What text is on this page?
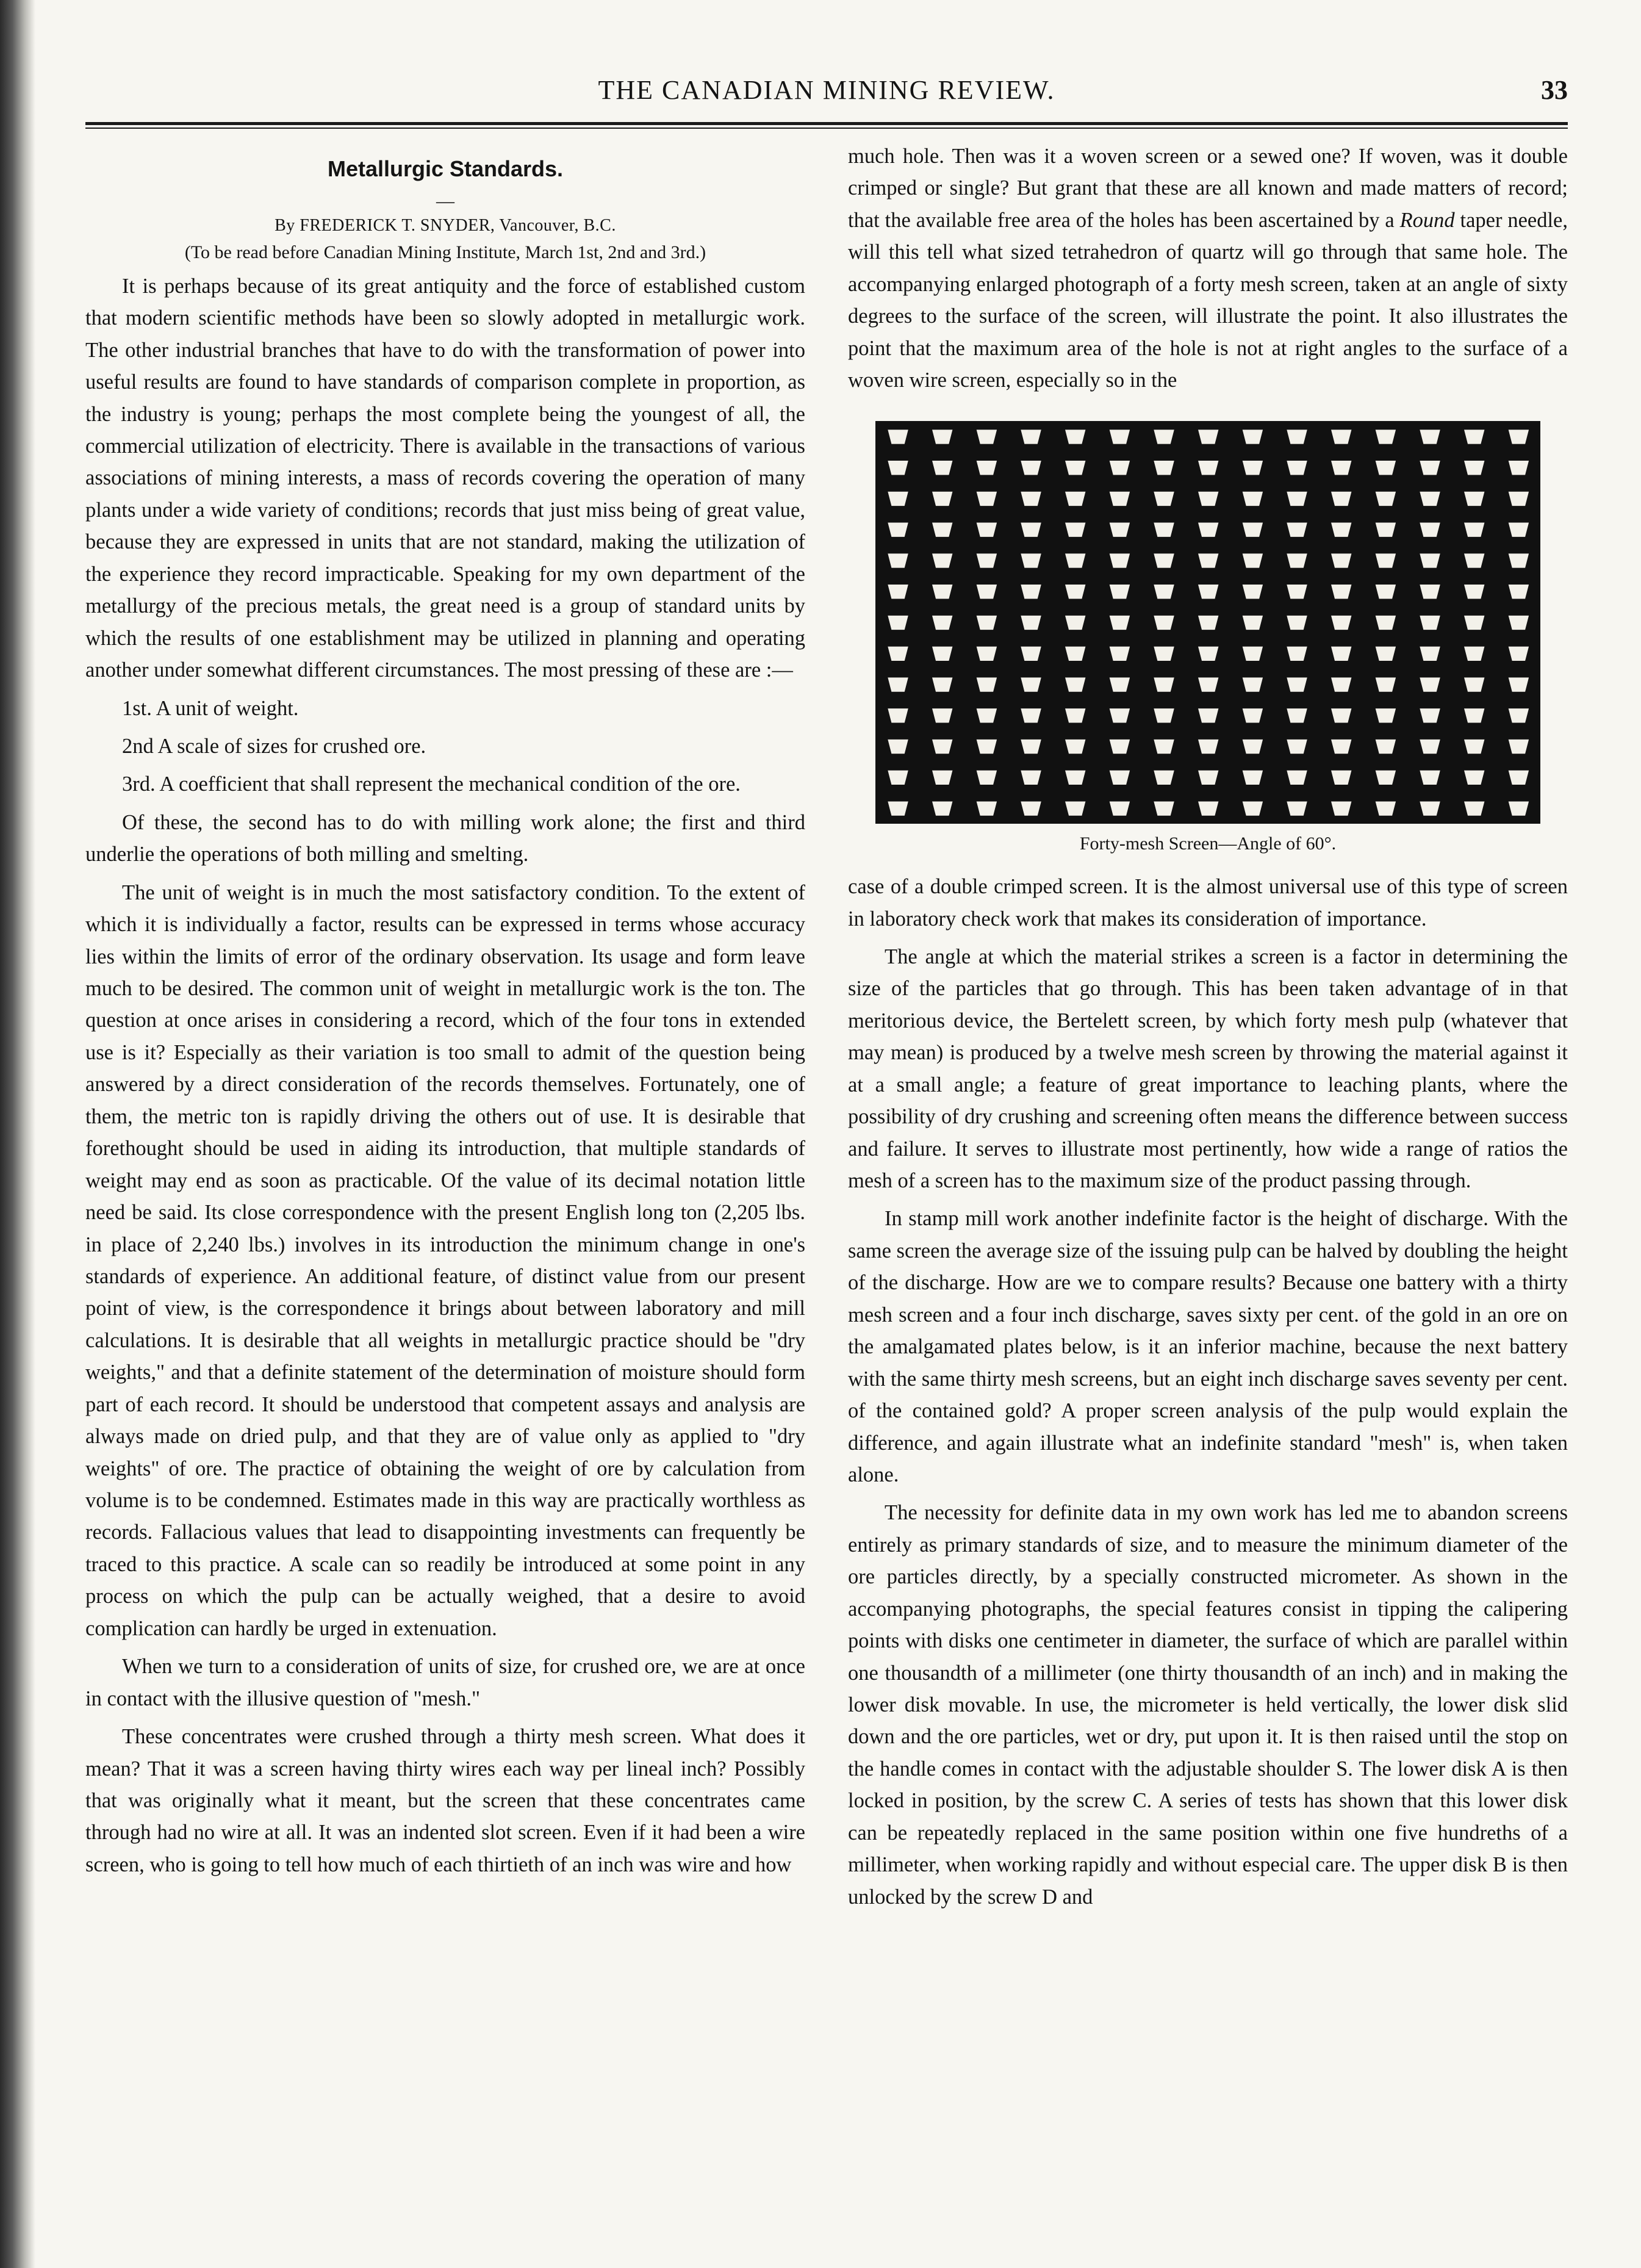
THE CANADIAN MINING REVIEW.	33
Metallurgic Standards.
—
By FREDERICK T. SNYDER, Vancouver, B.C.
(To be read before Canadian Mining Institute, March 1st, 2nd and 3rd.)

It is perhaps because of its great antiquity and the force of established custom that modern scientific methods have been so slowly adopted in metallurgic work. The other industrial branches that have to do with the transformation of power into useful results are found to have standards of comparison complete in proportion, as the industry is young; perhaps the most complete being the youngest of all, the commercial utilization of electricity. There is available in the transactions of various associations of mining interests, a mass of records covering the operation of many plants under a wide variety of conditions; records that just miss being of great value, because they are expressed in units that are not standard, making the utilization of the experience they record impracticable. Speaking for my own department of the metallurgy of the precious metals, the great need is a group of standard units by which the results of one establishment may be utilized in planning and operating another under somewhat different circumstances. The most pressing of these are :—

1st. A unit of weight.

2nd A scale of sizes for crushed ore.

3rd. A coefficient that shall represent the mechanical condition of the ore.

Of these, the second has to do with milling work alone; the first and third underlie the operations of both milling and smelting.

The unit of weight is in much the most satisfactory condition. To the extent of which it is individually a factor, results can be expressed in terms whose accuracy lies within the limits of error of the ordinary observation. Its usage and form leave much to be desired. The common unit of weight in metallurgic work is the ton. The question at once arises in considering a record, which of the four tons in extended use is it? Especially as their variation is too small to admit of the question being answered by a direct consideration of the records themselves. Fortunately, one of them, the metric ton is rapidly driving the others out of use. It is desirable that forethought should be used in aiding its introduction, that multiple standards of weight may end as soon as practicable. Of the value of its decimal notation little need be said. Its close correspondence with the present English long ton (2,205 lbs. in place of 2,240 lbs.) involves in its introduction the minimum change in one's standards of experience. An additional feature, of distinct value from our present point of view, is the correspondence it brings about between laboratory and mill calculations. It is desirable that all weights in metallurgic practice should be "dry weights," and that a definite statement of the determination of moisture should form part of each record. It should be understood that competent assays and analysis are always made on dried pulp, and that they are of value only as applied to "dry weights" of ore. The practice of obtaining the weight of ore by calculation from volume is to be condemned. Estimates made in this way are practically worthless as records. Fallacious values that lead to disappointing investments can frequently be traced to this practice. A scale can so readily be introduced at some point in any process on which the pulp can be actually weighed, that a desire to avoid complication can hardly be urged in extenuation.

When we turn to a consideration of units of size, for crushed ore, we are at once in contact with the illusive question of "mesh."

These concentrates were crushed through a thirty mesh screen. What does it mean? That it was a screen having thirty wires each way per lineal inch? Possibly that was originally what it meant, but the screen that these concentrates came through had no wire at all. It was an indented slot screen. Even if it had been a wire screen, who is going to tell how much of each thirtieth of an inch was wire and how

much hole. Then was it a woven screen or a sewed one? If woven, was it double crimped or single? But grant that these are all known and made matters of record; that the available free area of the holes has been ascertained by a Round taper needle, will this tell what sized tetrahedron of quartz will go through that same hole. The accompanying enlarged photograph of a forty mesh screen, taken at an angle of sixty degrees to the surface of the screen, will illustrate the point. It also illustrates the point that the maximum area of the hole is not at right angles to the surface of a woven wire screen, especially so in the

Forty-mesh Screen—Angle of 60°.

case of a double crimped screen. It is the almost universal use of this type of screen in laboratory check work that makes its consideration of importance.

The angle at which the material strikes a screen is a factor in determining the size of the particles that go through. This has been taken advantage of in that meritorious device, the Bertelett screen, by which forty mesh pulp (whatever that may mean) is produced by a twelve mesh screen by throwing the material against it at a small angle; a feature of great importance to leaching plants, where the possibility of dry crushing and screening often means the difference between success and failure. It serves to illustrate most pertinently, how wide a range of ratios the mesh of a screen has to the maximum size of the product passing through.

In stamp mill work another indefinite factor is the height of discharge. With the same screen the average size of the issuing pulp can be halved by doubling the height of the discharge. How are we to compare results? Because one battery with a thirty mesh screen and a four inch discharge, saves sixty per cent. of the gold in an ore on the amalgamated plates below, is it an inferior machine, because the next battery with the same thirty mesh screens, but an eight inch discharge saves seventy per cent. of the contained gold? A proper screen analysis of the pulp would explain the difference, and again illustrate what an indefinite standard "mesh" is, when taken alone.

The necessity for definite data in my own work has led me to abandon screens entirely as primary standards of size, and to measure the minimum diameter of the ore particles directly, by a specially constructed micrometer. As shown in the accompanying photographs, the special features consist in tipping the calipering points with disks one centimeter in diameter, the surface of which are parallel within one thousandth of a millimeter (one thirty thousandth of an inch) and in making the lower disk movable. In use, the micrometer is held vertically, the lower disk slid down and the ore particles, wet or dry, put upon it. It is then raised until the stop on the handle comes in contact with the adjustable shoulder S. The lower disk A is then locked in position, by the screw C. A series of tests has shown that this lower disk can be repeatedly replaced in the same position within one five hundreths of a millimeter, when working rapidly and without especial care. The upper disk B is then unlocked by the screw D and
